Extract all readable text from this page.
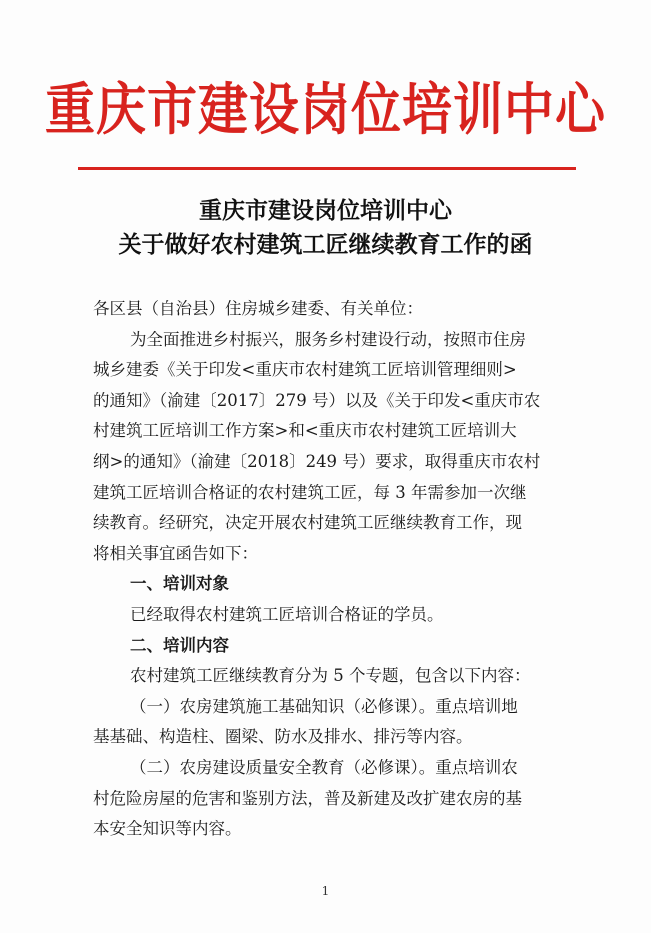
重庆市建设岗位培训中心
重庆市建设岗位培训中心
关于做好农村建筑工匠继续教育工作的函
各区县（自治县）住房城乡建委、有关单位：
为全面推进乡村振兴，服务乡村建设行动，按照市住房
城乡建委《关于印发<重庆市农村建筑工匠培训管理细则>
的通知》（渝建〔2017〕279 号）以及《关于印发<重庆市农
村建筑工匠培训工作方案>和<重庆市农村建筑工匠培训大
纲>的通知》（渝建〔2018〕249 号）要求，取得重庆市农村
建筑工匠培训合格证的农村建筑工匠，每 3 年需参加一次继
续教育。经研究，决定开展农村建筑工匠继续教育工作，现
将相关事宜函告如下：
一、培训对象
已经取得农村建筑工匠培训合格证的学员。
二、培训内容
农村建筑工匠继续教育分为 5 个专题，包含以下内容：
（一）农房建筑施工基础知识（必修课）。重点培训地
基基础、构造柱、圈梁、防水及排水、排污等内容。
（二）农房建设质量安全教育（必修课）。重点培训农
村危险房屋的危害和鉴别方法，普及新建及改扩建农房的基
本安全知识等内容。
1
